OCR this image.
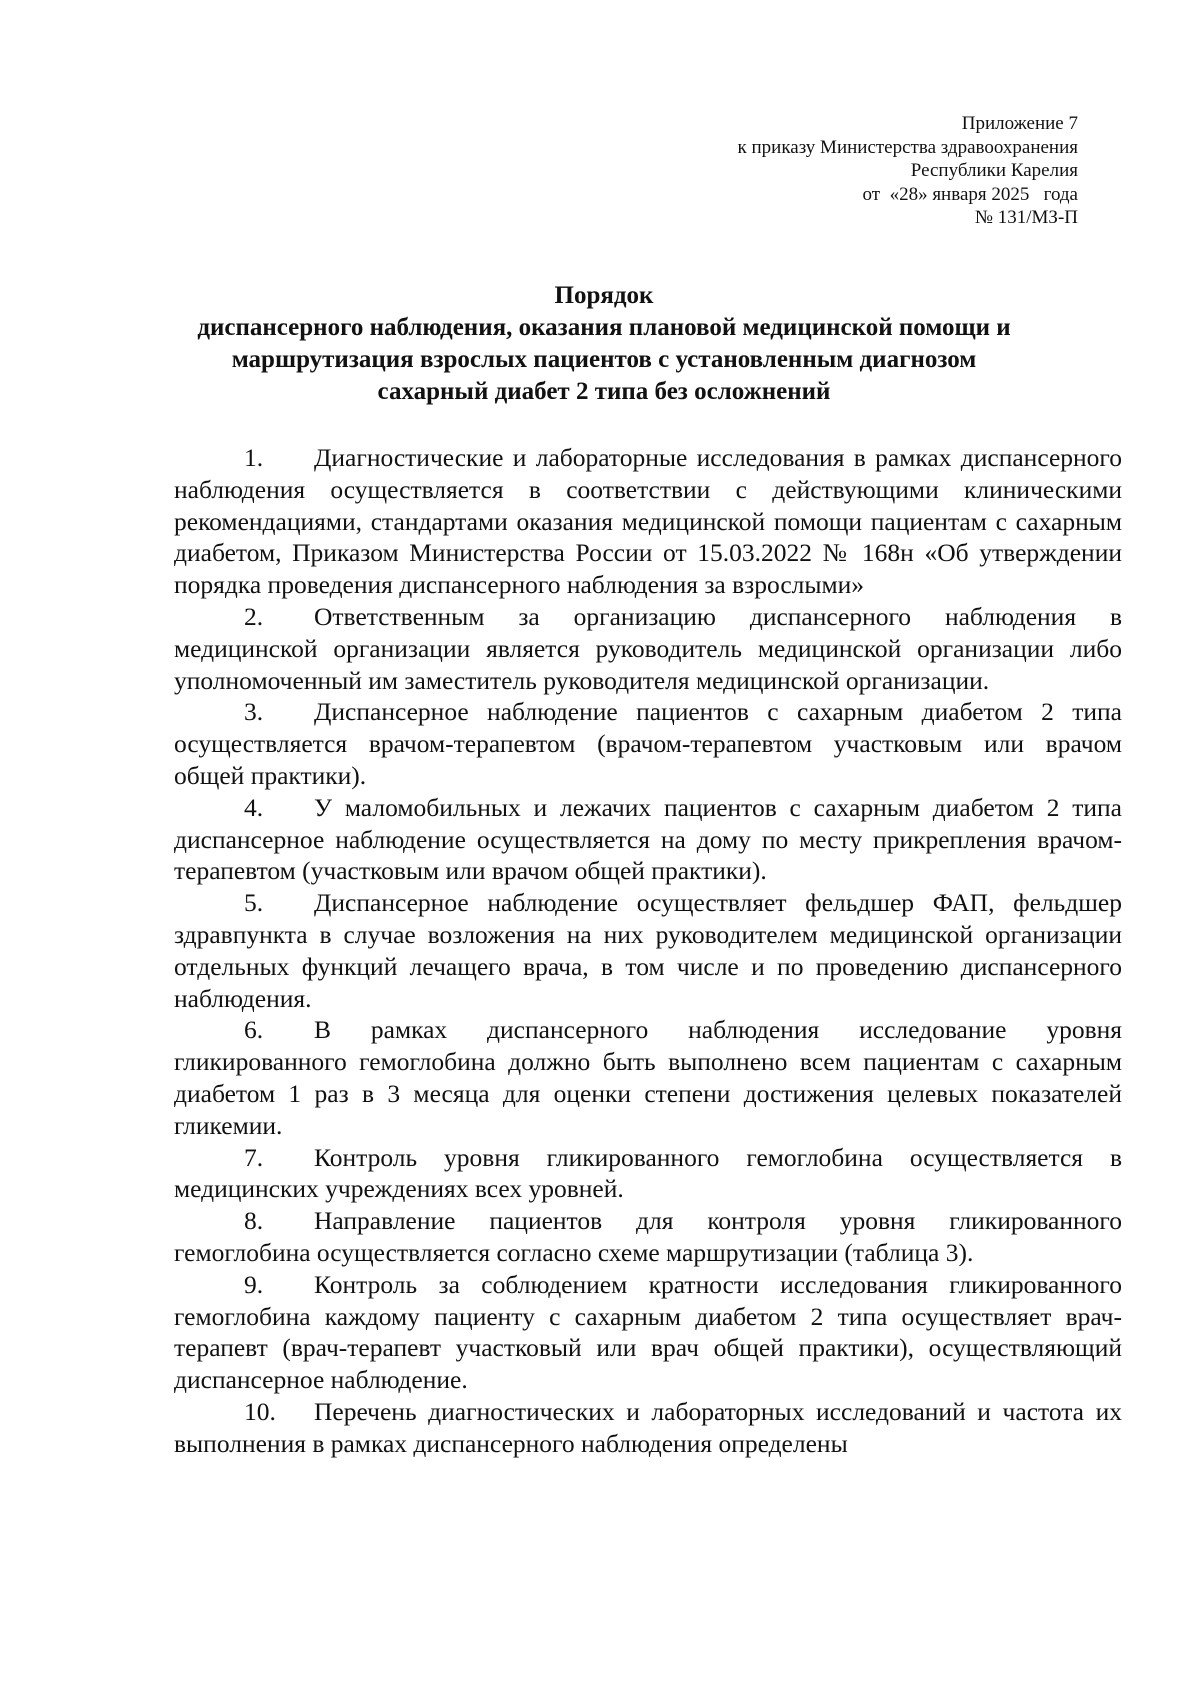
Приложение 7
к приказу Министерства здравоохранения
Республики Карелия
от  «28» января 2025   года
№ 131/МЗ-П
Порядок
диспансерного наблюдения, оказания плановой медицинской помощи и
маршрутизация взрослых пациентов с установленным диагнозом
сахарный диабет 2 типа без осложнений

1. Диагностические и лабораторные исследования в рамках диспансерного наблюдения осуществляется в соответствии с действующими клиническими рекомендациями, стандартами оказания медицинской помощи пациентам с сахарным диабетом, Приказом Министерства России от 15.03.2022 № 168н «Об утверждении порядка проведения диспансерного наблюдения за взрослыми»

2. Ответственным за организацию диспансерного наблюдения в медицинской организации является руководитель медицинской организации либо уполномоченный им заместитель руководителя медицинской организации.

3. Диспансерное наблюдение пациентов с сахарным диабетом 2 типа осуществляется врачом-терапевтом (врачом-терапевтом участковым или врачом общей практики).

4. У маломобильных и лежачих пациентов с сахарным диабетом 2 типа диспансерное наблюдение осуществляется на дому по месту прикрепления врачом-терапевтом (участковым или врачом общей практики).

5. Диспансерное наблюдение осуществляет фельдшер ФАП, фельдшер здравпункта в случае возложения на них руководителем медицинской организации отдельных функций лечащего врача, в том числе и по проведению диспансерного наблюдения.

6. В рамках диспансерного наблюдения исследование уровня гликированного гемоглобина должно быть выполнено всем пациентам с сахарным диабетом 1 раз в 3 месяца для оценки степени достижения целевых показателей гликемии.

7. Контроль уровня гликированного гемоглобина осуществляется в медицинских учреждениях всех уровней.

8. Направление пациентов для контроля уровня гликированного гемоглобина осуществляется согласно схеме маршрутизации (таблица 3).

9. Контроль за соблюдением кратности исследования гликированного гемоглобина каждому пациенту с сахарным диабетом 2 типа осуществляет врач-терапевт (врач-терапевт участковый или врач общей практики), осуществляющий диспансерное наблюдение.

10. Перечень диагностических и лабораторных исследований и частота их выполнения в рамках диспансерного наблюдения определены
